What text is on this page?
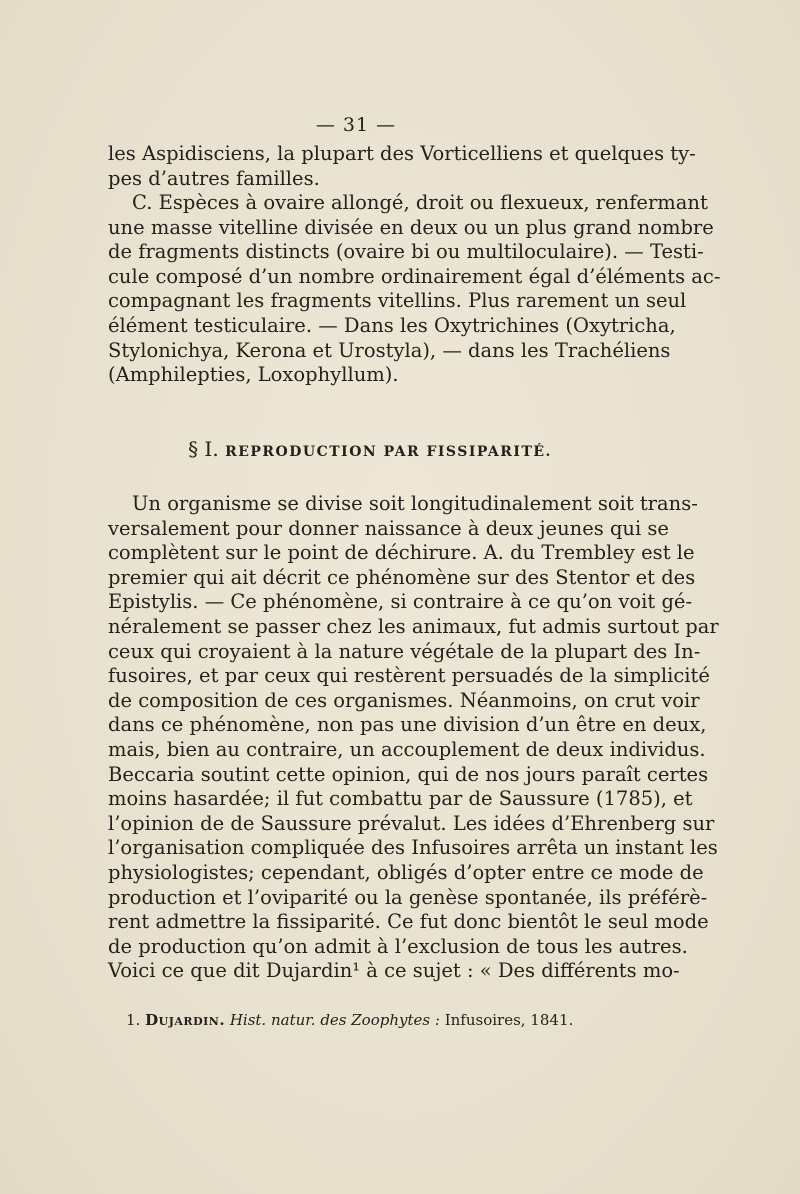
— 31 —
les Aspidisciens, la plupart des Vorticelliens et quelques ty-
pes d’autres familles.
C. Espèces à ovaire allongé, droit ou flexueux, renfermant
une masse vitelline divisée en deux ou un plus grand nombre
de fragments distincts (ovaire bi ou multiloculaire). — Testi-
cule composé d’un nombre ordinairement égal d’éléments ac-
compagnant les fragments vitellins. Plus rarement un seul
élément testiculaire. — Dans les Oxytrichines (Oxytricha,
Stylonichya, Kerona et Urostyla), — dans les Trachéliens
(Amphilepties, Loxophyllum).
§ I. REPRODUCTION PAR FISSIPARITÉ.
Un organisme se divise soit longitudinalement soit trans-
versalement pour donner naissance à deux jeunes qui se
complètent sur le point de déchirure. A. du Trembley est le
premier qui ait décrit ce phénomène sur des Stentor et des
Epistylis. — Ce phénomène, si contraire à ce qu’on voit gé-
néralement se passer chez les animaux, fut admis surtout par
ceux qui croyaient à la nature végétale de la plupart des In-
fusoires, et par ceux qui restèrent persuadés de la simplicité
de composition de ces organismes. Néanmoins, on crut voir
dans ce phénomène, non pas une division d’un être en deux,
mais, bien au contraire, un accouplement de deux individus.
Beccaria soutint cette opinion, qui de nos jours paraît certes
moins hasardée; il fut combattu par de Saussure (1785), et
l’opinion de de Saussure prévalut. Les idées d’Ehrenberg sur
l’organisation compliquée des Infusoires arrêta un instant les
physiologistes; cependant, obligés d’opter entre ce mode de
production et l’oviparité ou la genèse spontanée, ils préférè-
rent admettre la fissiparité. Ce fut donc bientôt le seul mode
de production qu’on admit à l’exclusion de tous les autres.
Voici ce que dit Dujardin¹ à ce sujet : « Des différents mo-
1. Dujardin. Hist. natur. des Zoophytes : Infusoires, 1841.
